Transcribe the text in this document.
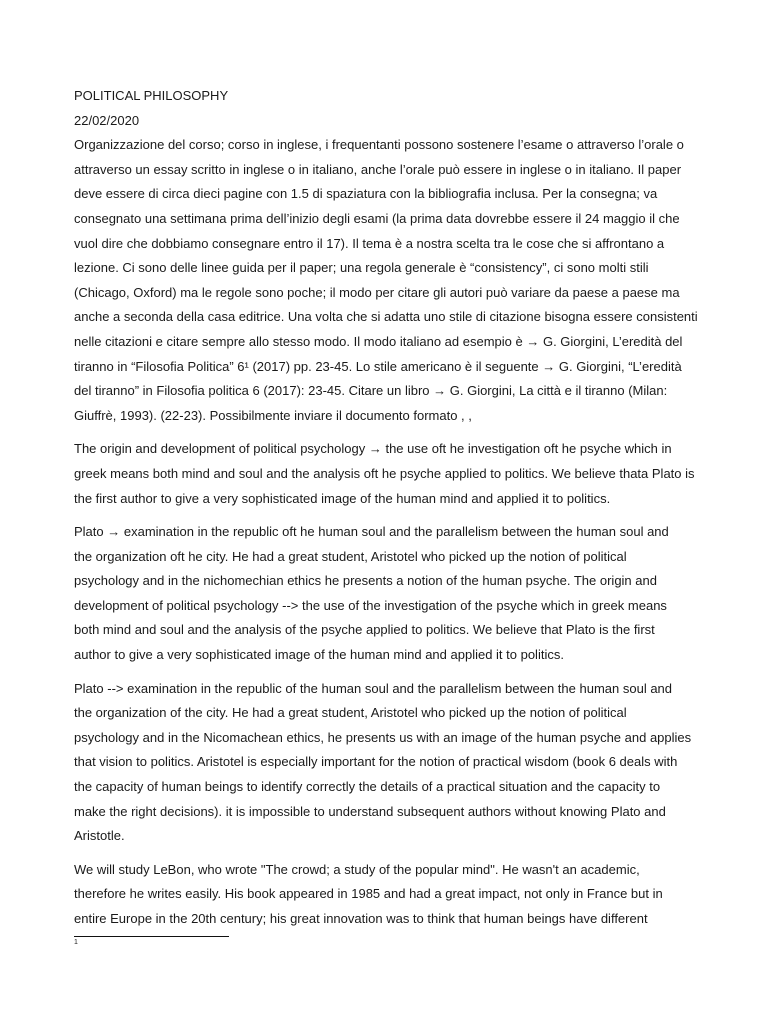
POLITICAL PHILOSOPHY
22/02/2020
Organizzazione del corso; corso in inglese, i frequentanti possono sostenere l’esame o attraverso l’orale o
attraverso un essay scritto in inglese o in italiano, anche l’orale può essere in inglese o in italiano. Il paper
deve essere di circa dieci pagine con 1.5 di spaziatura con la bibliografia inclusa. Per la consegna; va
consegnato una settimana prima dell’inizio degli esami (la prima data dovrebbe essere il 24 maggio il che
vuol dire che dobbiamo consegnare entro il 17). Il tema è a nostra scelta tra le cose che si affrontano a
lezione. Ci sono delle linee guida per il paper; una regola generale è “consistency”, ci sono molti stili
(Chicago, Oxford) ma le regole sono poche; il modo per citare gli autori può variare da paese a paese ma
anche a seconda della casa editrice. Una volta che si adatta uno stile di citazione bisogna essere consistenti
nelle citazioni e citare sempre allo stesso modo. Il modo italiano ad esempio è → G. Giorgini, L’eredità del
tiranno in “Filosofia Politica” 6¹ (2017) pp. 23-45. Lo stile americano è il seguente → G. Giorgini, “L’eredità
del tiranno” in Filosofia politica 6 (2017): 23-45. Citare un libro → G. Giorgini, La città e il tiranno (Milan:
Giuffrè, 1993). (22-23). Possibilmente inviare il documento formato , ,
The origin and development of political psychology → the use oft he investigation oft he psyche which in
greek means both mind and soul and the analysis oft he psyche applied to politics. We believe thata Plato is
the first author to give a very sophisticated image of the human mind and applied it to politics.
Plato → examination in the republic oft he human soul and the parallelism between the human soul and
the organization oft he city. He had a great student, Aristotel who picked up the notion of political
psychology and in the nichomechian ethics he presents a notion of the human psyche. The origin and
development of political psychology --> the use of the investigation of the psyche which in greek means
both mind and soul and the analysis of the psyche applied to politics. We believe that Plato is the first
author to give a very sophisticated image of the human mind and applied it to politics.
Plato --> examination in the republic of the human soul and the parallelism between the human soul and
the organization of the city. He had a great student, Aristotel who picked up the notion of political
psychology and in the Nicomachean ethics, he presents us with an image of the human psyche and applies
that vision to politics. Aristotel is especially important for the notion of practical wisdom (book 6 deals with
the capacity of human beings to identify correctly the details of a practical situation and the capacity to
make the right decisions). it is impossible to understand subsequent authors without knowing Plato and
Aristotle.
We will study LeBon, who wrote "The crowd; a study of the popular mind". He wasn't an academic,
therefore he writes easily. His book appeared in 1985 and had a great impact, not only in France but in
entire Europe in the 20th century; his great innovation was to think that human beings have different
1
